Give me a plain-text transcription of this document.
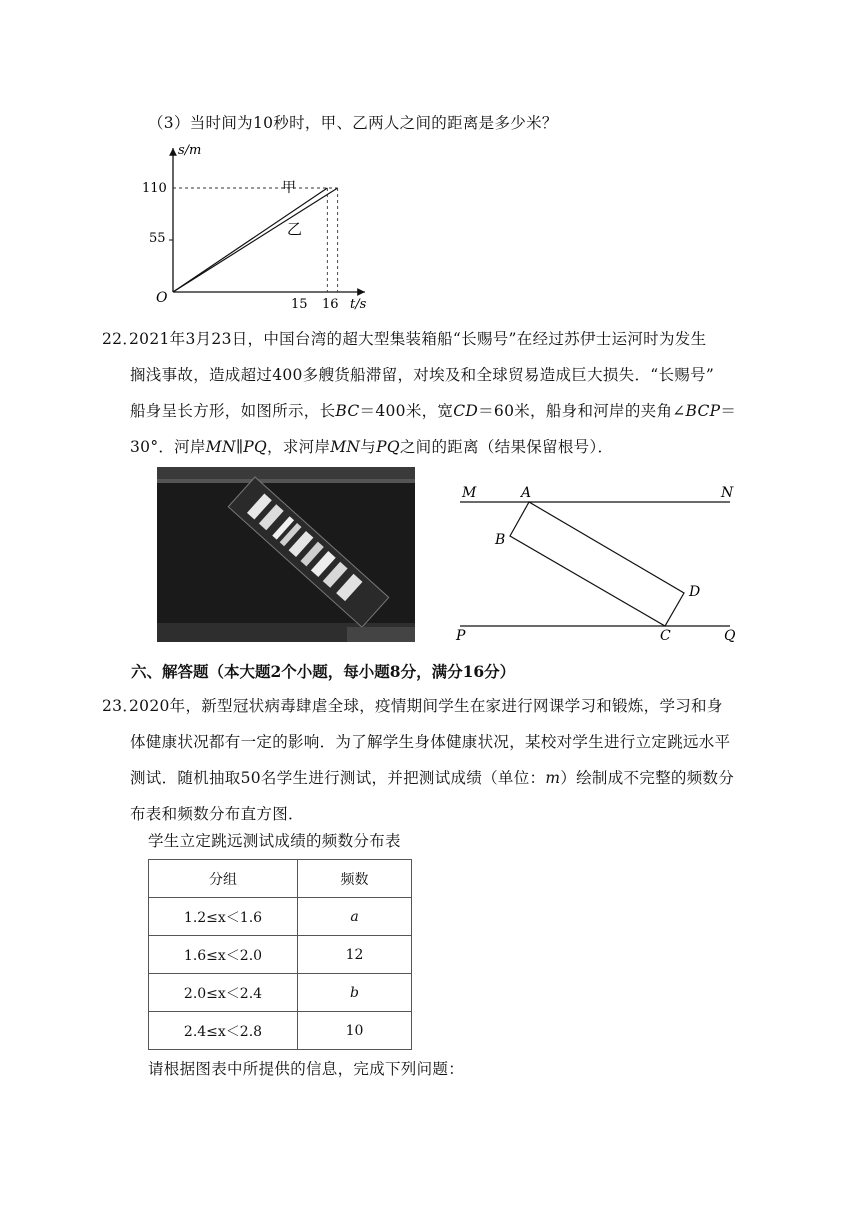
（3）当时间为10秒时，甲、乙两人之间的距离是多少米？
s/m
t/s
O
110
55
15 16
甲
乙
22．
2021年3月23日，中国台湾的超大型集装箱船“长赐号”在经过苏伊士运河时为发生
搁浅事故，造成超过400多艘货船滞留，对埃及和全球贸易造成巨大损失．“长赐号”
船身呈长方形，如图所示，长BC＝400米，宽CD＝60米，船身和河岸的夹角∠BCP＝
30°．河岸MN∥PQ，求河岸MN与PQ之间的距离（结果保留根号）．
M	A	N
B
D
P	C	Q
六、解答题（本大题2个小题，每小题8分，满分16分）
23．
2020年，新型冠状病毒肆虐全球，疫情期间学生在家进行网课学习和锻炼，学习和身
体健康状况都有一定的影响．为了解学生身体健康状况，某校对学生进行立定跳远水平
测试．随机抽取50名学生进行测试，并把测试成绩（单位：m）绘制成不完整的频数分
布表和频数分布直方图．
学生立定跳远测试成绩的频数分布表
分组	频数
1.2≤x＜1.6	a
1.6≤x＜2.0	12
2.0≤x＜2.4	b
2.4≤x＜2.8	10
请根据图表中所提供的信息，完成下列问题：
